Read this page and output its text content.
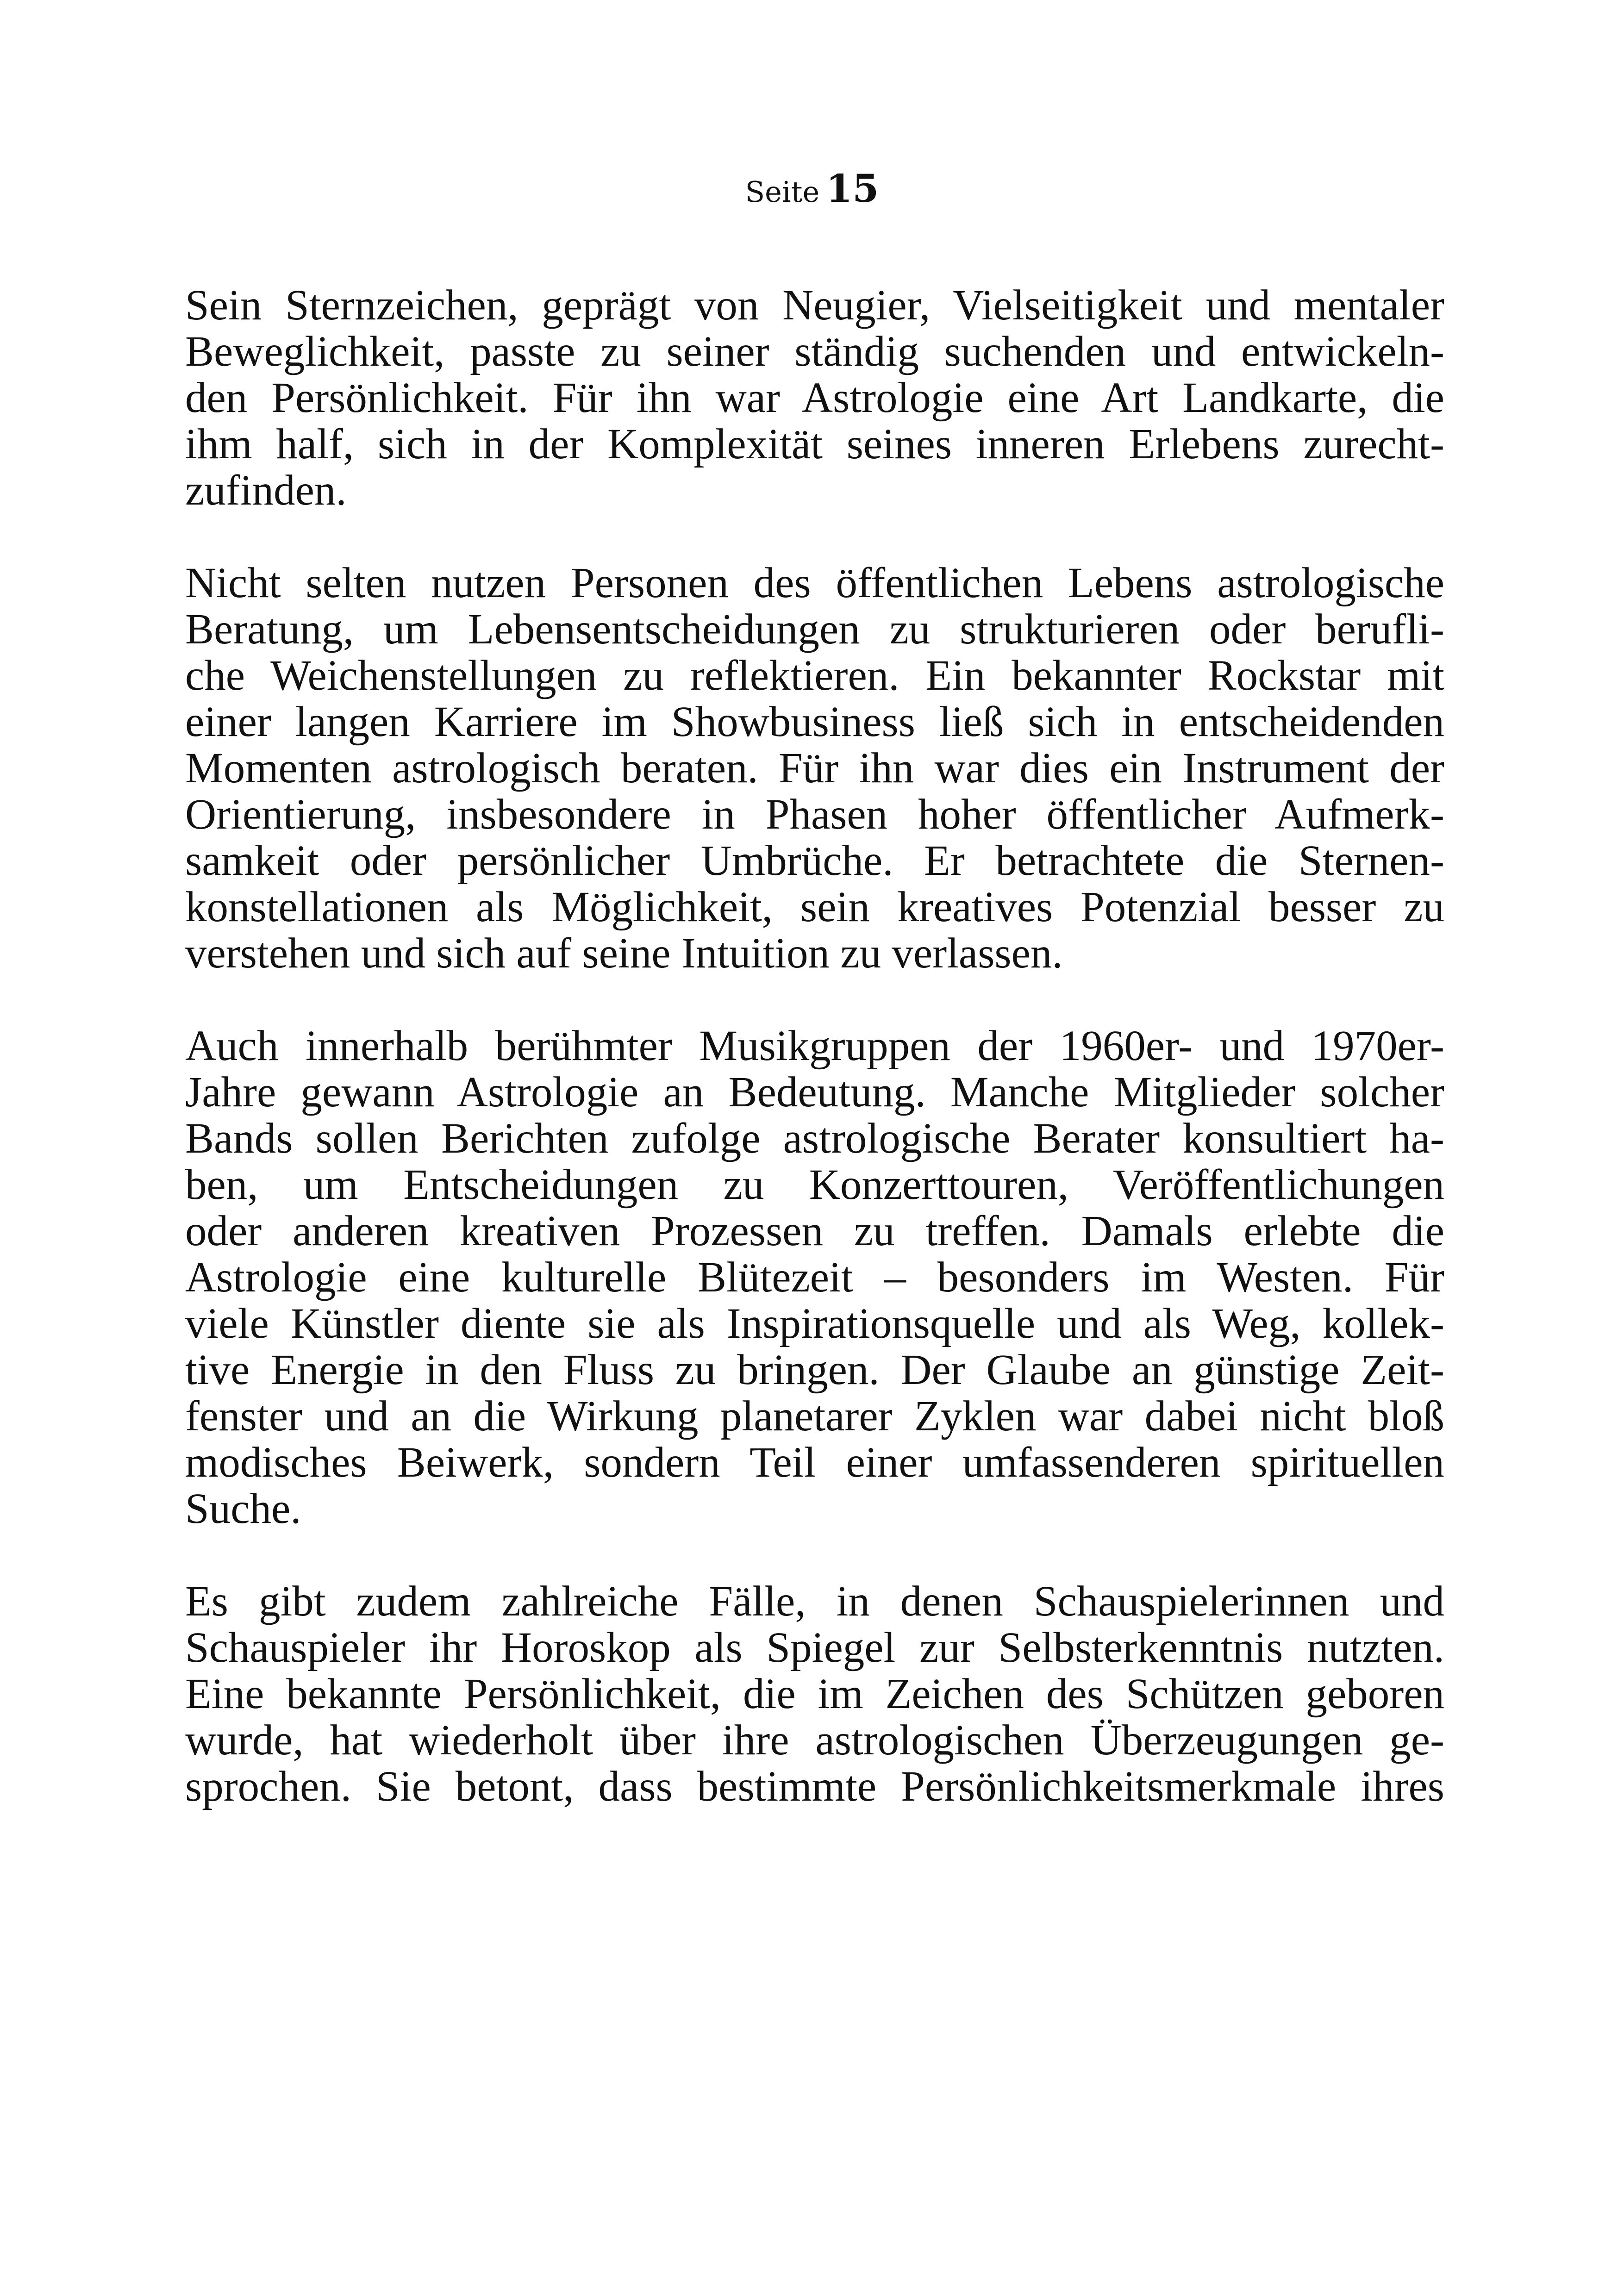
Seite 15
Sein Sternzeichen, geprägt von Neugier, Vielseitigkeit und mentaler
Beweglichkeit, passte zu seiner ständig suchenden und entwickeln-
den Persönlichkeit. Für ihn war Astrologie eine Art Landkarte, die
ihm half, sich in der Komplexität seines inneren Erlebens zurecht-
zufinden.
Nicht selten nutzen Personen des öffentlichen Lebens astrologische
Beratung, um Lebensentscheidungen zu strukturieren oder berufli-
che Weichenstellungen zu reflektieren. Ein bekannter Rockstar mit
einer langen Karriere im Showbusiness ließ sich in entscheidenden
Momenten astrologisch beraten. Für ihn war dies ein Instrument der
Orientierung, insbesondere in Phasen hoher öffentlicher Aufmerk-
samkeit oder persönlicher Umbrüche. Er betrachtete die Sternen-
konstellationen als Möglichkeit, sein kreatives Potenzial besser zu
verstehen und sich auf seine Intuition zu verlassen.
Auch innerhalb berühmter Musikgruppen der 1960er- und 1970er-
Jahre gewann Astrologie an Bedeutung. Manche Mitglieder solcher
Bands sollen Berichten zufolge astrologische Berater konsultiert ha-
ben, um Entscheidungen zu Konzerttouren, Veröffentlichungen
oder anderen kreativen Prozessen zu treffen. Damals erlebte die
Astrologie eine kulturelle Blütezeit – besonders im Westen. Für
viele Künstler diente sie als Inspirationsquelle und als Weg, kollek-
tive Energie in den Fluss zu bringen. Der Glaube an günstige Zeit-
fenster und an die Wirkung planetarer Zyklen war dabei nicht bloß
modisches Beiwerk, sondern Teil einer umfassenderen spirituellen
Suche.
Es gibt zudem zahlreiche Fälle, in denen Schauspielerinnen und
Schauspieler ihr Horoskop als Spiegel zur Selbsterkenntnis nutzten.
Eine bekannte Persönlichkeit, die im Zeichen des Schützen geboren
wurde, hat wiederholt über ihre astrologischen Überzeugungen ge-
sprochen. Sie betont, dass bestimmte Persönlichkeitsmerkmale ihres
